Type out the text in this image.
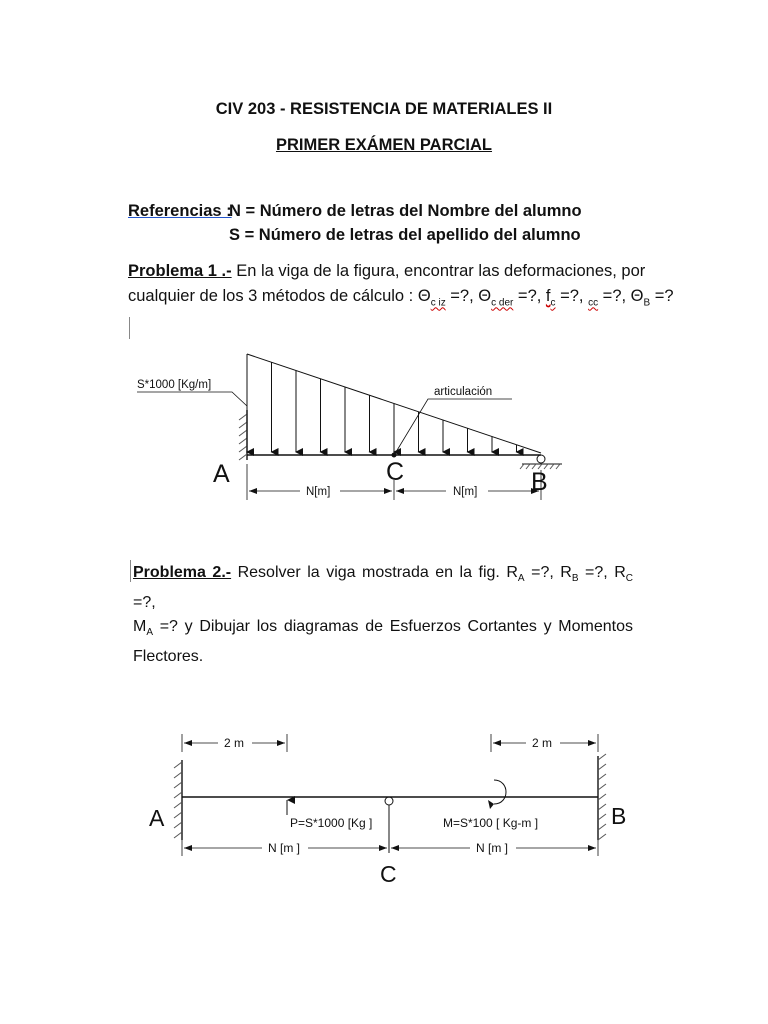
CIV 203 - RESISTENCIA DE MATERIALES II
PRIMER EXÁMEN PARCIAL
Referencias :
N = Número de letras del Nombre del alumno
S = Número de letras del apellido del alumno
Problema 1 .- En la viga de la figura, encontrar las deformaciones, por
cualquier de los 3 métodos de cálculo : $\Theta_{c iz}$ =?, $\Theta_{c der}$ =?, $f_c$ =?, $_{cc}$ =?, $\Theta_B$ =?
S*1000 [Kg/m]
articulación
A	C	B
N[m]	N[m]
Problema 2.- Resolver la viga mostrada en la fig. $R_A$ =?, $R_B$ =?, $R_C$ =?,
$M_A$ =? y Dibujar los diagramas de Esfuerzos Cortantes y Momentos
Flectores.
A	B
C
P=S*1000 [Kg ]	M=S*100 [ Kg-m ]
2 m	2 m
N [m ]	N [m ]
